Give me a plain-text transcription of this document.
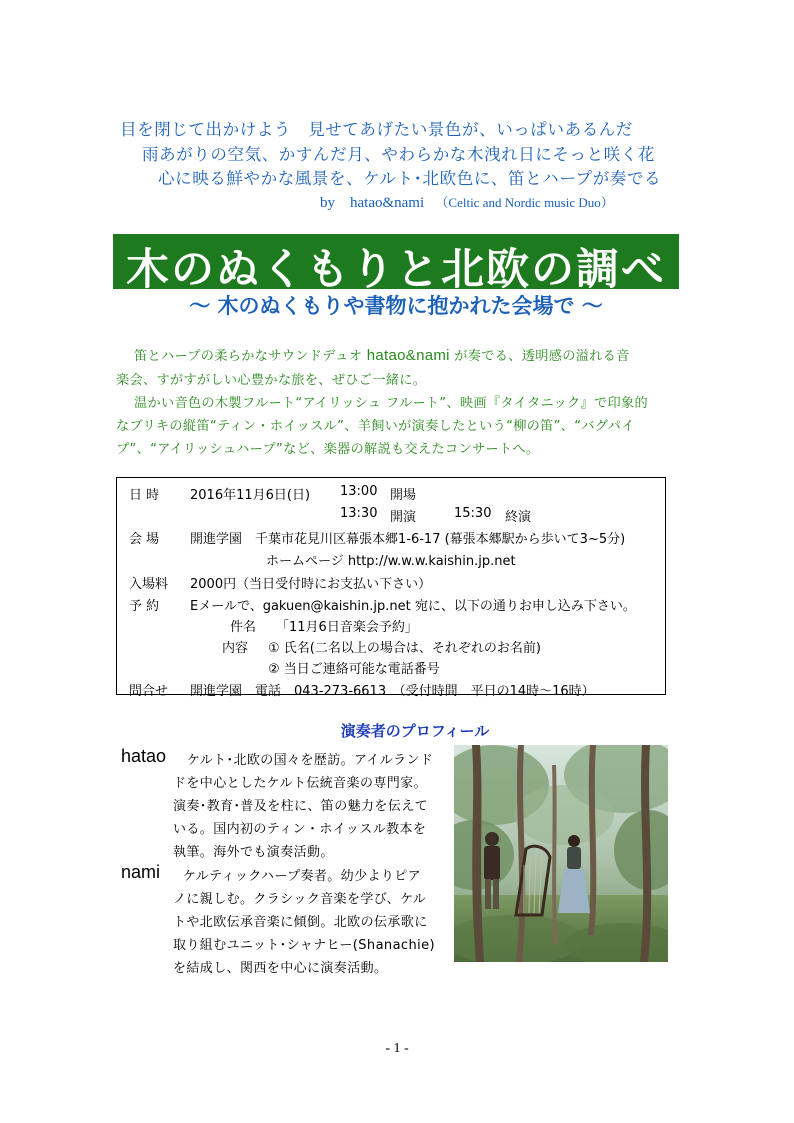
目を閉じて出かけよう　見せてあげたい景色が、いっぱいあるんだ
雨あがりの空気、かすんだ月、やわらかな木洩れ日にそっと咲く花
心に映る鮮やかな風景を、ケルト･北欧色に、笛とハープが奏でる
by hatao&nami （Celtic and Nordic music Duo）
木のぬくもりと北欧の調べ
～ 木のぬくもりや書物に抱かれた会場で ～
笛とハープの柔らかなサウンドデュオ hatao&nami が奏でる、透明感の溢れる音
楽会、すがすがしい心豊かな旅を、ぜひご一緒に。
温かい音色の木製フルート“アイリッシュ フルート”、映画『タイタニック』で印象的
なブリキの縦笛“ティン・ホイッスル”、羊飼いが演奏したという“柳の笛”、“バグパイ
プ”、“アイリッシュハープ”など、楽器の解説も交えたコンサートへ。
日 時 2016年11月6日(日) 13:00 開場
13:30 開演	15:30 終演
会 場 開進学園　千葉市花見川区幕張本郷1-6-17 (幕張本郷駅から歩いて3~5分)
ホームページ http://w.w.w.kaishin.jp.net
入場料 2000円（当日受付時にお支払い下さい）
予 約 Eメールで、gakuen@kaishin.jp.net 宛に、以下の通りお申し込み下さい。
件名 「11月6日音楽会予約」
内容 ① 氏名(二名以上の場合は、それぞれのお名前)
② 当日ご連絡可能な電話番号
問合せ 開進学園　電話　043-273-6613　（受付時間　平日の14時～16時）
演奏者のプロフィール
hatao ケルト･北欧の国々を歴訪。アイルランド
ドを中心としたケルト伝統音楽の専門家。
演奏･教育･普及を柱に、笛の魅力を伝えて
いる。国内初のティン・ホイッスル教本を
執筆。海外でも演奏活動。
nami ケルティックハープ奏者。幼少よりピア
ノに親しむ。クラシック音楽を学び、ケル
トや北欧伝承音楽に傾倒。北欧の伝承歌に
取り組むユニット･シャナヒー(Shanachie)
を結成し、関西を中心に演奏活動。
- 1 -
